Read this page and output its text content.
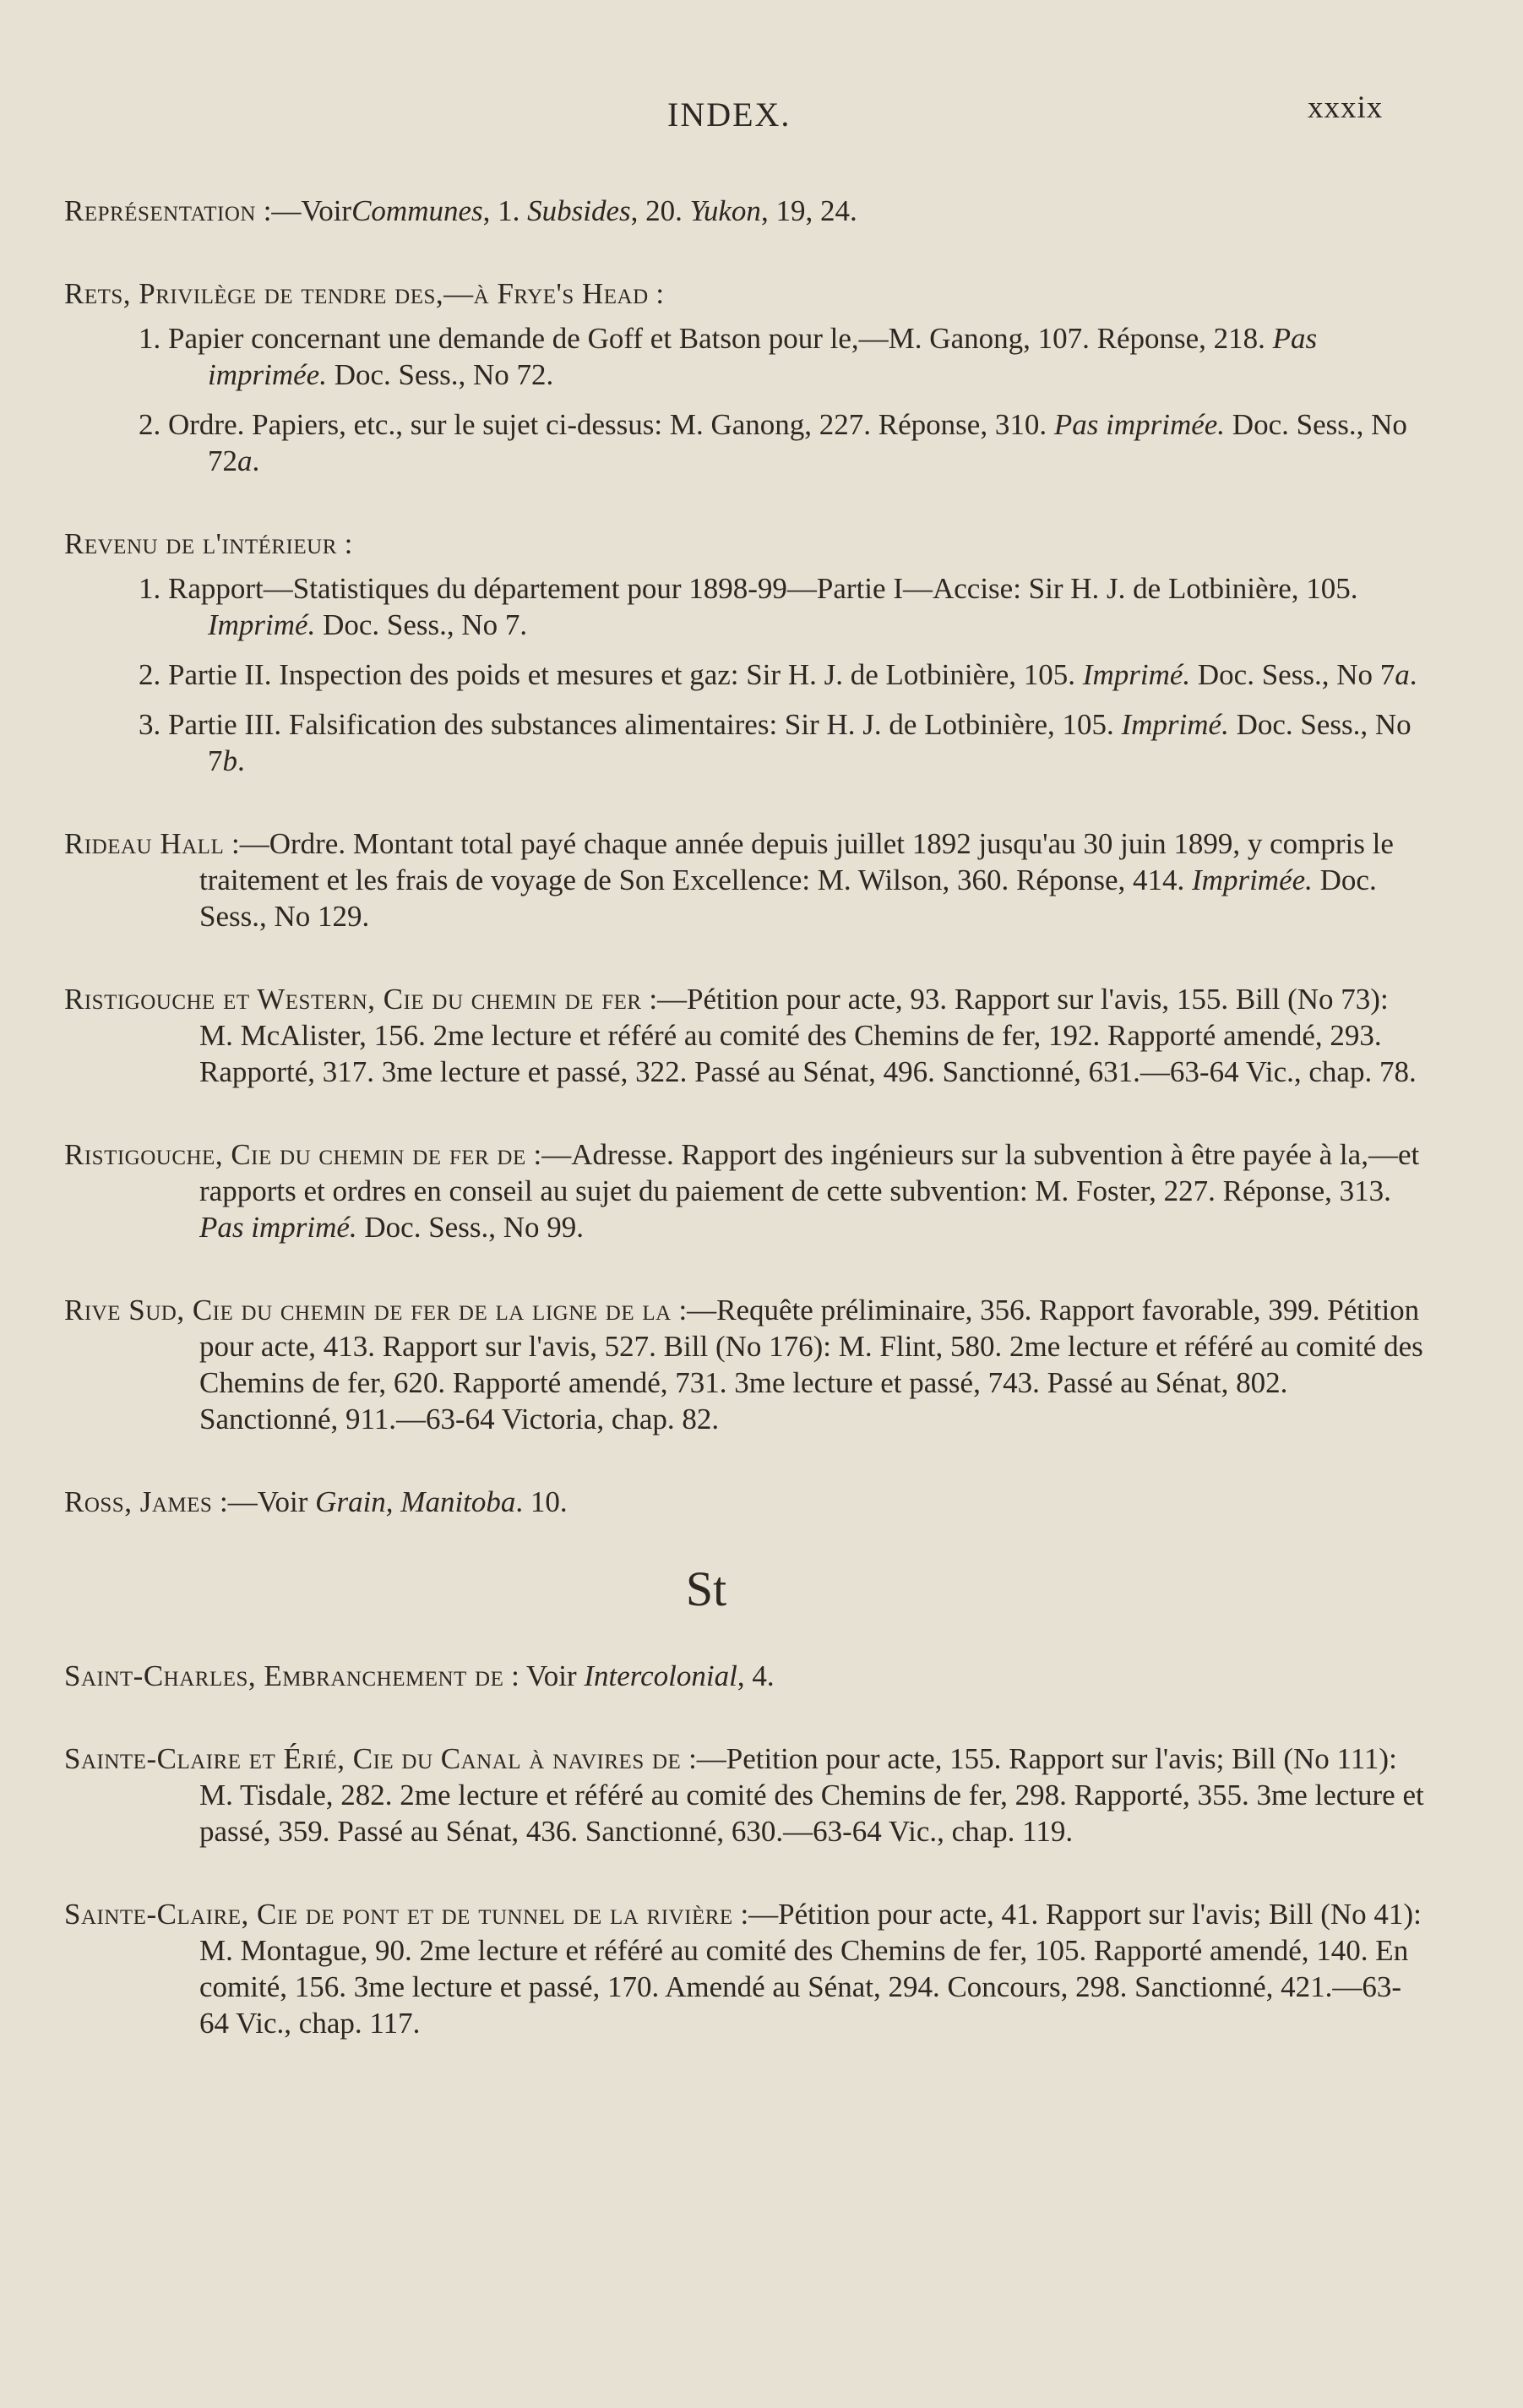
INDEX.	xxxix
Représentation :—VoirCommunes, 1. Subsides, 20. Yukon, 19, 24.
Rets, Privilège de tendre des,—à Frye's Head :
1. Papier concernant une demande de Goff et Batson pour le,—M. Ganong, 107. Réponse, 218. Pas imprimée. Doc. Sess., No 72.
2. Ordre. Papiers, etc., sur le sujet ci-dessus: M. Ganong, 227. Réponse, 310. Pas imprimée. Doc. Sess., No 72a.
Revenu de l'intérieur :
1. Rapport—Statistiques du département pour 1898-99—Partie I—Accise: Sir H. J. de Lotbinière, 105. Imprimé. Doc. Sess., No 7.
2. Partie II. Inspection des poids et mesures et gaz: Sir H. J. de Lotbinière, 105. Imprimé. Doc. Sess., No 7a.
3. Partie III. Falsification des substances alimentaires: Sir H. J. de Lotbinière, 105. Imprimé. Doc. Sess., No 7b.
Rideau Hall :—Ordre. Montant total payé chaque année depuis juillet 1892 jusqu'au 30 juin 1899, y compris le traitement et les frais de voyage de Son Excellence: M. Wilson, 360. Réponse, 414. Imprimée. Doc. Sess., No 129.
Ristigouche et Western, Cie du chemin de fer :—Pétition pour acte, 93. Rapport sur l'avis, 155. Bill (No 73): M. McAlister, 156. 2me lecture et référé au comité des Chemins de fer, 192. Rapporté amendé, 293. Rapporté, 317. 3me lecture et passé, 322. Passé au Sénat, 496. Sanctionné, 631.—63-64 Vic., chap. 78.
Ristigouche, Cie du chemin de fer de :—Adresse. Rapport des ingénieurs sur la subvention à être payée à la,—et rapports et ordres en conseil au sujet du paiement de cette subvention: M. Foster, 227. Réponse, 313. Pas imprimé. Doc. Sess., No 99.
Rive Sud, Cie du chemin de fer de la ligne de la :—Requête préliminaire, 356. Rapport favorable, 399. Pétition pour acte, 413. Rapport sur l'avis, 527. Bill (No 176): M. Flint, 580. 2me lecture et référé au comité des Chemins de fer, 620. Rapporté amendé, 731. 3me lecture et passé, 743. Passé au Sénat, 802. Sanctionné, 911.—63-64 Victoria, chap. 82.
Ross, James :—Voir Grain, Manitoba. 10.
St
Saint-Charles, Embranchement de : Voir Intercolonial, 4.
Sainte-Claire et Érié, Cie du Canal à navires de :—Petition pour acte, 155. Rapport sur l'avis; Bill (No 111): M. Tisdale, 282. 2me lecture et référé au comité des Chemins de fer, 298. Rapporté, 355. 3me lecture et passé, 359. Passé au Sénat, 436. Sanctionné, 630.—63-64 Vic., chap. 119.
Sainte-Claire, Cie de pont et de tunnel de la rivière :—Pétition pour acte, 41. Rapport sur l'avis; Bill (No 41): M. Montague, 90. 2me lecture et référé au comité des Chemins de fer, 105. Rapporté amendé, 140. En comité, 156. 3me lecture et passé, 170. Amendé au Sénat, 294. Concours, 298. Sanctionné, 421.—63-64 Vic., chap. 117.
